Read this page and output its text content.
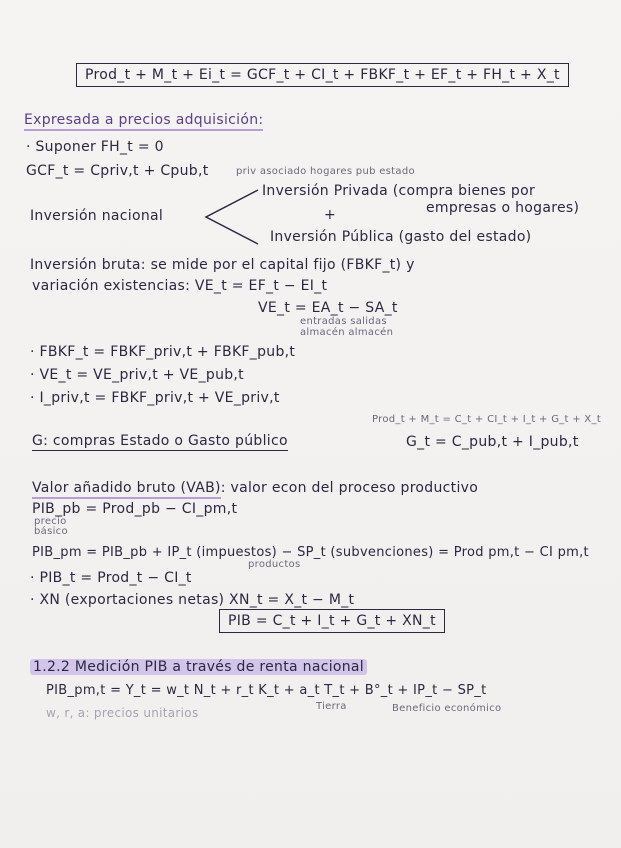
Prod_t + M_t + Ei_t = GCF_t + CI_t + FBKF_t + EF_t + FH_t + X_t
Expresada a precios adquisición:
· Suponer FH_t = 0
GCF_t = Cpriv,t + Cpub,t	priv asociado hogares pub estado
Inversión Privada (compra bienes por
empresas o hogares)
Inversión nacional	+
Inversión Pública (gasto del estado)
Inversión bruta: se mide por el capital fijo (FBKF_t) y
variación existencias: VE_t = EF_t − EI_t
VE_t = EA_t − SA_t
entradas salidas
almacén almacén
· FBKF_t = FBKF_priv,t + FBKF_pub,t
· VE_t = VE_priv,t + VE_pub,t
· I_priv,t = FBKF_priv,t + VE_priv,t
Prod_t + M_t = C_t + CI_t + I_t + G_t + X_t
G: compras Estado o Gasto público	G_t = C_pub,t + I_pub,t
Valor añadido bruto (VAB): valor econ del proceso productivo
PIB_pb = Prod_pb − CI_pm,t
precio
básico
PIB_pm = PIB_pb + IP_t (impuestos) − SP_t (subvenciones) = Prod pm,t − CI pm,t
productos
· PIB_t = Prod_t − CI_t
· XN (exportaciones netas) XN_t = X_t − M_t
PIB = C_t + I_t + G_t + XN_t
1.2.2 Medición PIB a través de renta nacional
PIB_pm,t = Y_t = w_t N_t + r_t K_t + a_t T_t + B°_t + IP_t − SP_t
Tierra	Beneficio económico
w, r, a: precios unitarios
